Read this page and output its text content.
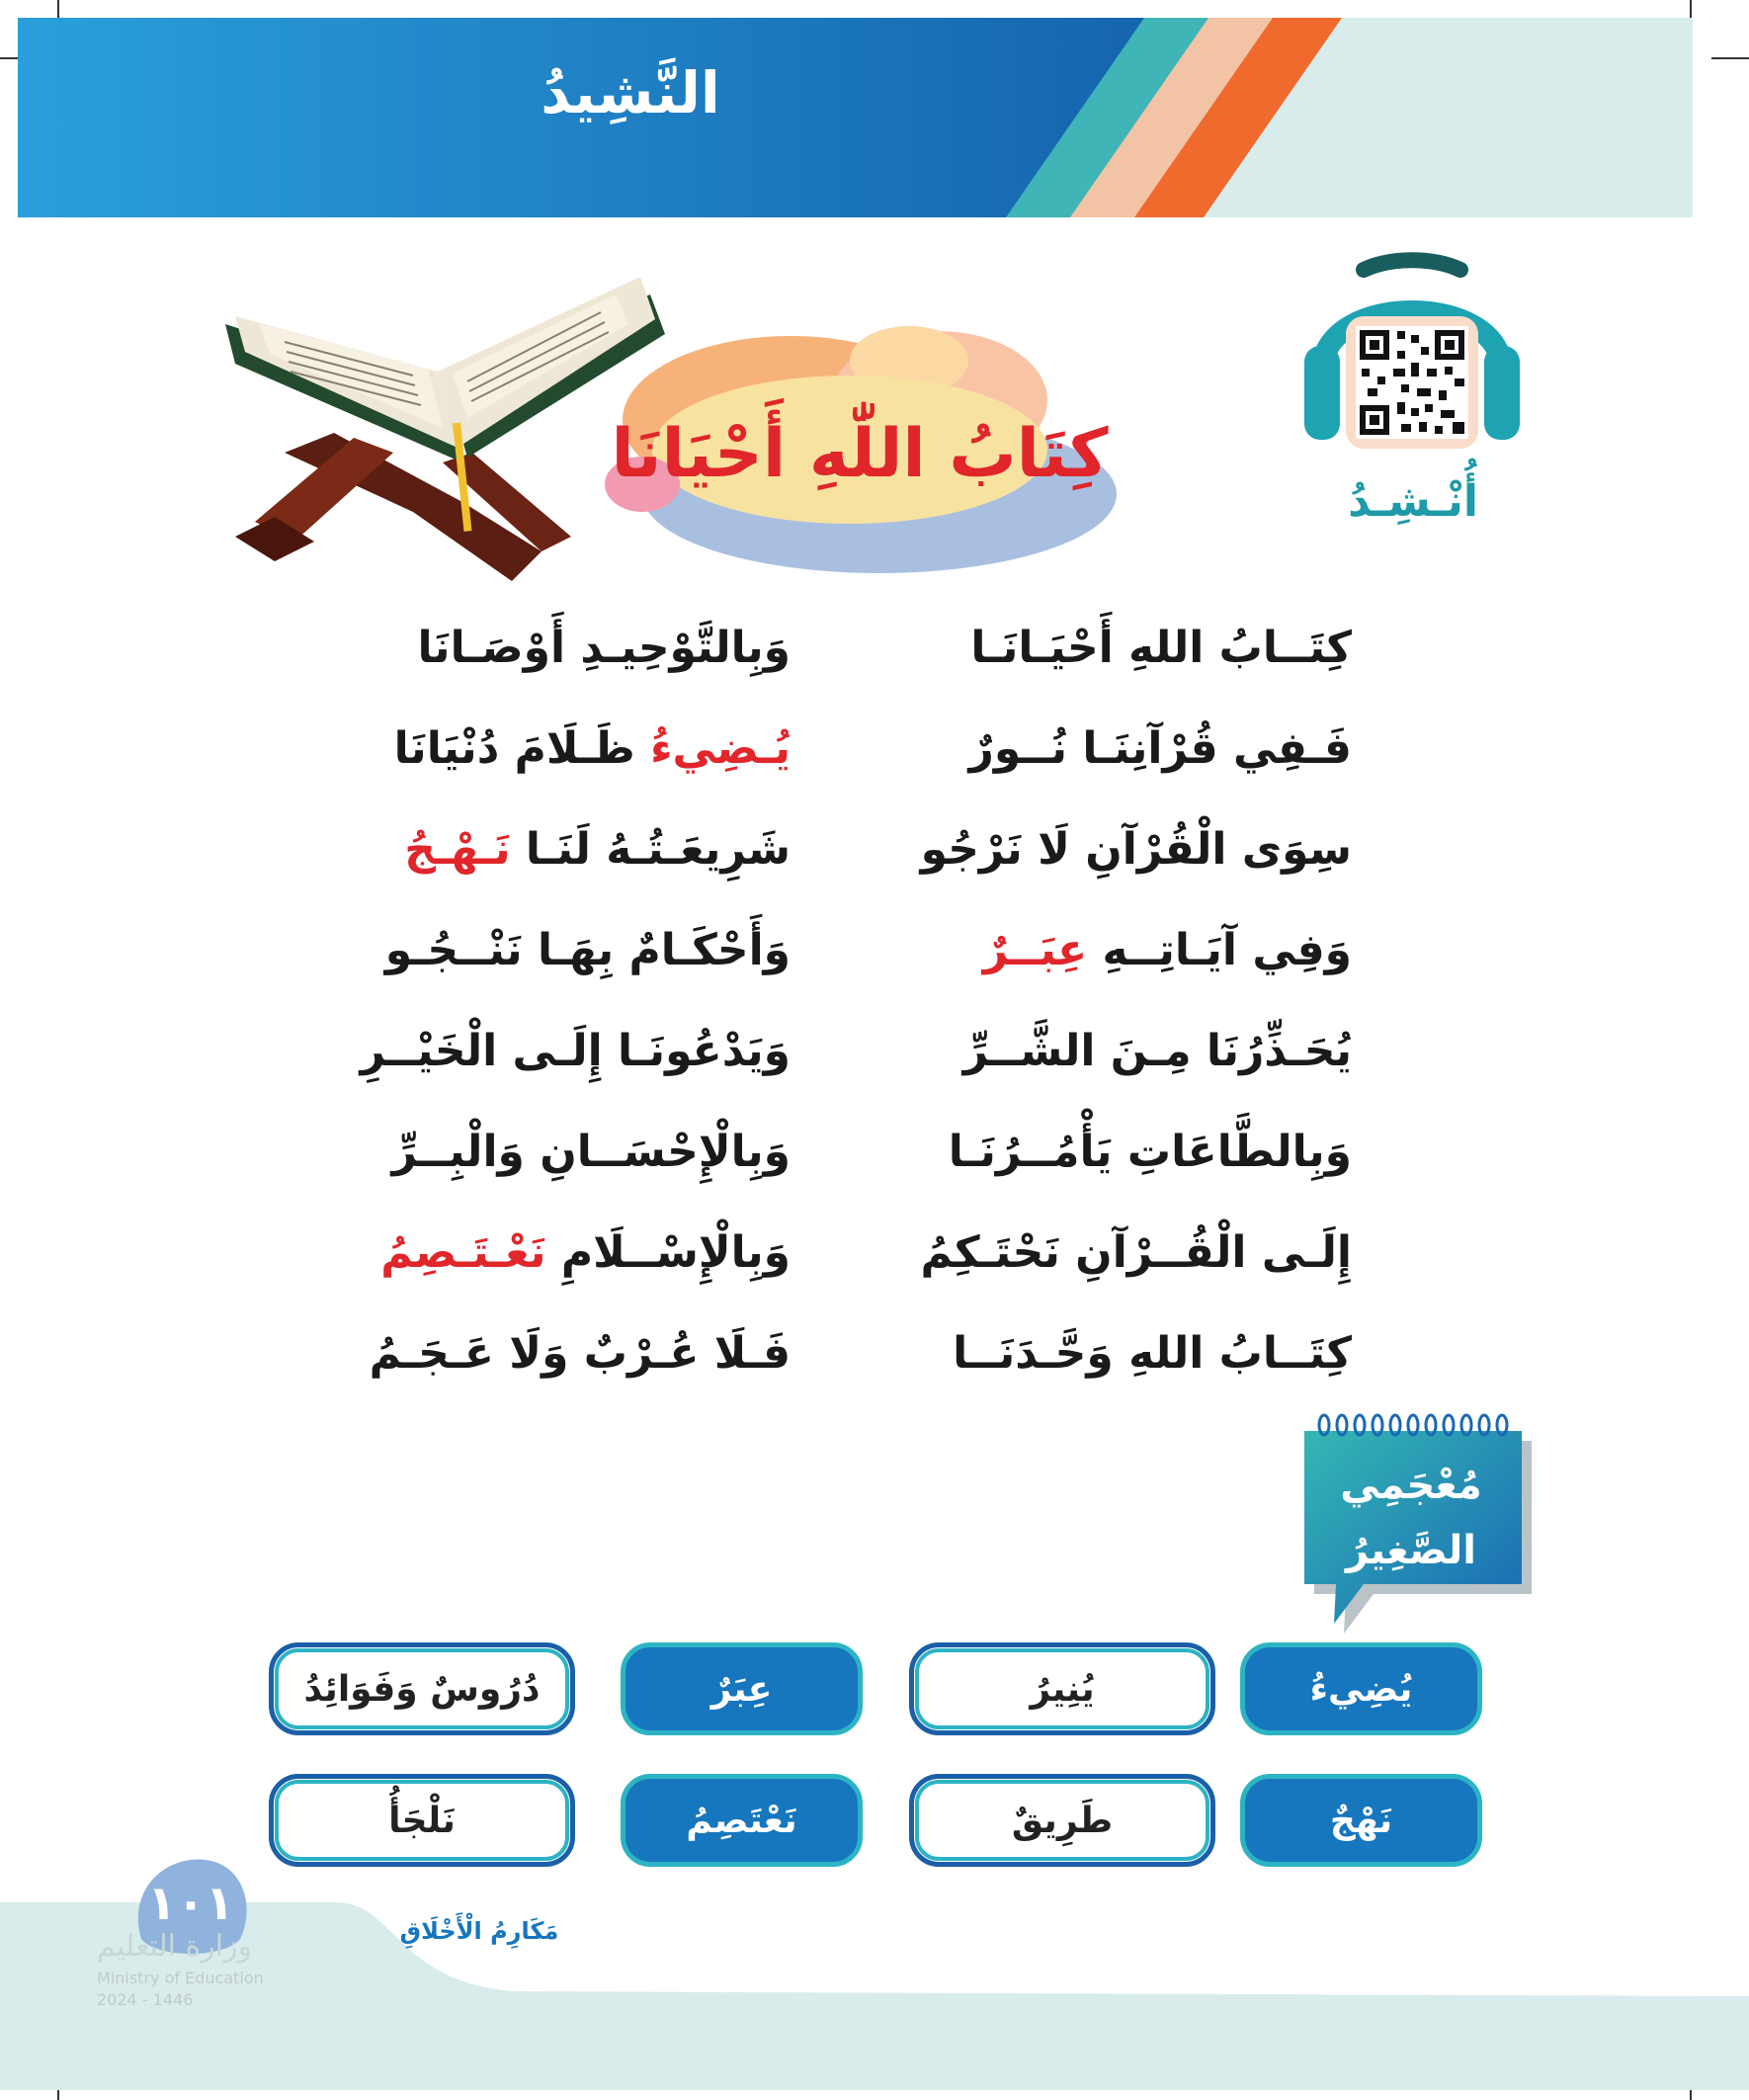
النَّشِيدُ
أُنْـشِـدُ
كِتَابُ اللّٰهِ أَحْيَانَا
كِتَــابُ اللهِ أَحْيَـانَـا
وَبِالتَّوْحِيـدِ أَوْصَـانَا
فَـفِي قُرْآنِنَـا نُــورٌ
يُـضِيءُ ظَـلَامَ دُنْيَانَا
سِوَى الْقُرْآنِ لَا نَرْجُو
شَرِيعَـتُـهُ لَنَـا نَـهْـجُ
وَفِي آيَـاتِــهِ عِبَــرٌ
وَأَحْكَـامٌ بِهَـا نَنْــجُـو
يُحَـذِّرُنَا مِـنَ الشَّــرِّ
وَيَدْعُونَـا إِلَـى الْخَيْــرِ
وَبِالطَّاعَاتِ يَأْمُــرُنَـا
وَبِالْإِحْسَــانِ وَالْبِــرِّ
إِلَـى الْقُــرْآنِ نَحْتَـكِمُ
وَبِالْإِسْــلَامِ نَعْـتَـصِمُ
كِتَــابُ اللهِ وَحَّـدَنَــا
فَـلَا عُـرْبٌ وَلَا عَـجَـمُ
مُعْجَمِي
الصَّغِيرُ
يُضِيءُ
يُنِيرُ
عِبَرٌ
دُرُوسٌ وَفَوَائِدُ
نَهْجٌ
طَرِيقٌ
نَعْتَصِمُ
نَلْجَأُ
١٠١	مَكَارِمُ الْأَخْلَاقِ
وزارة التعليم
Ministry of Education
2024 - 1446
